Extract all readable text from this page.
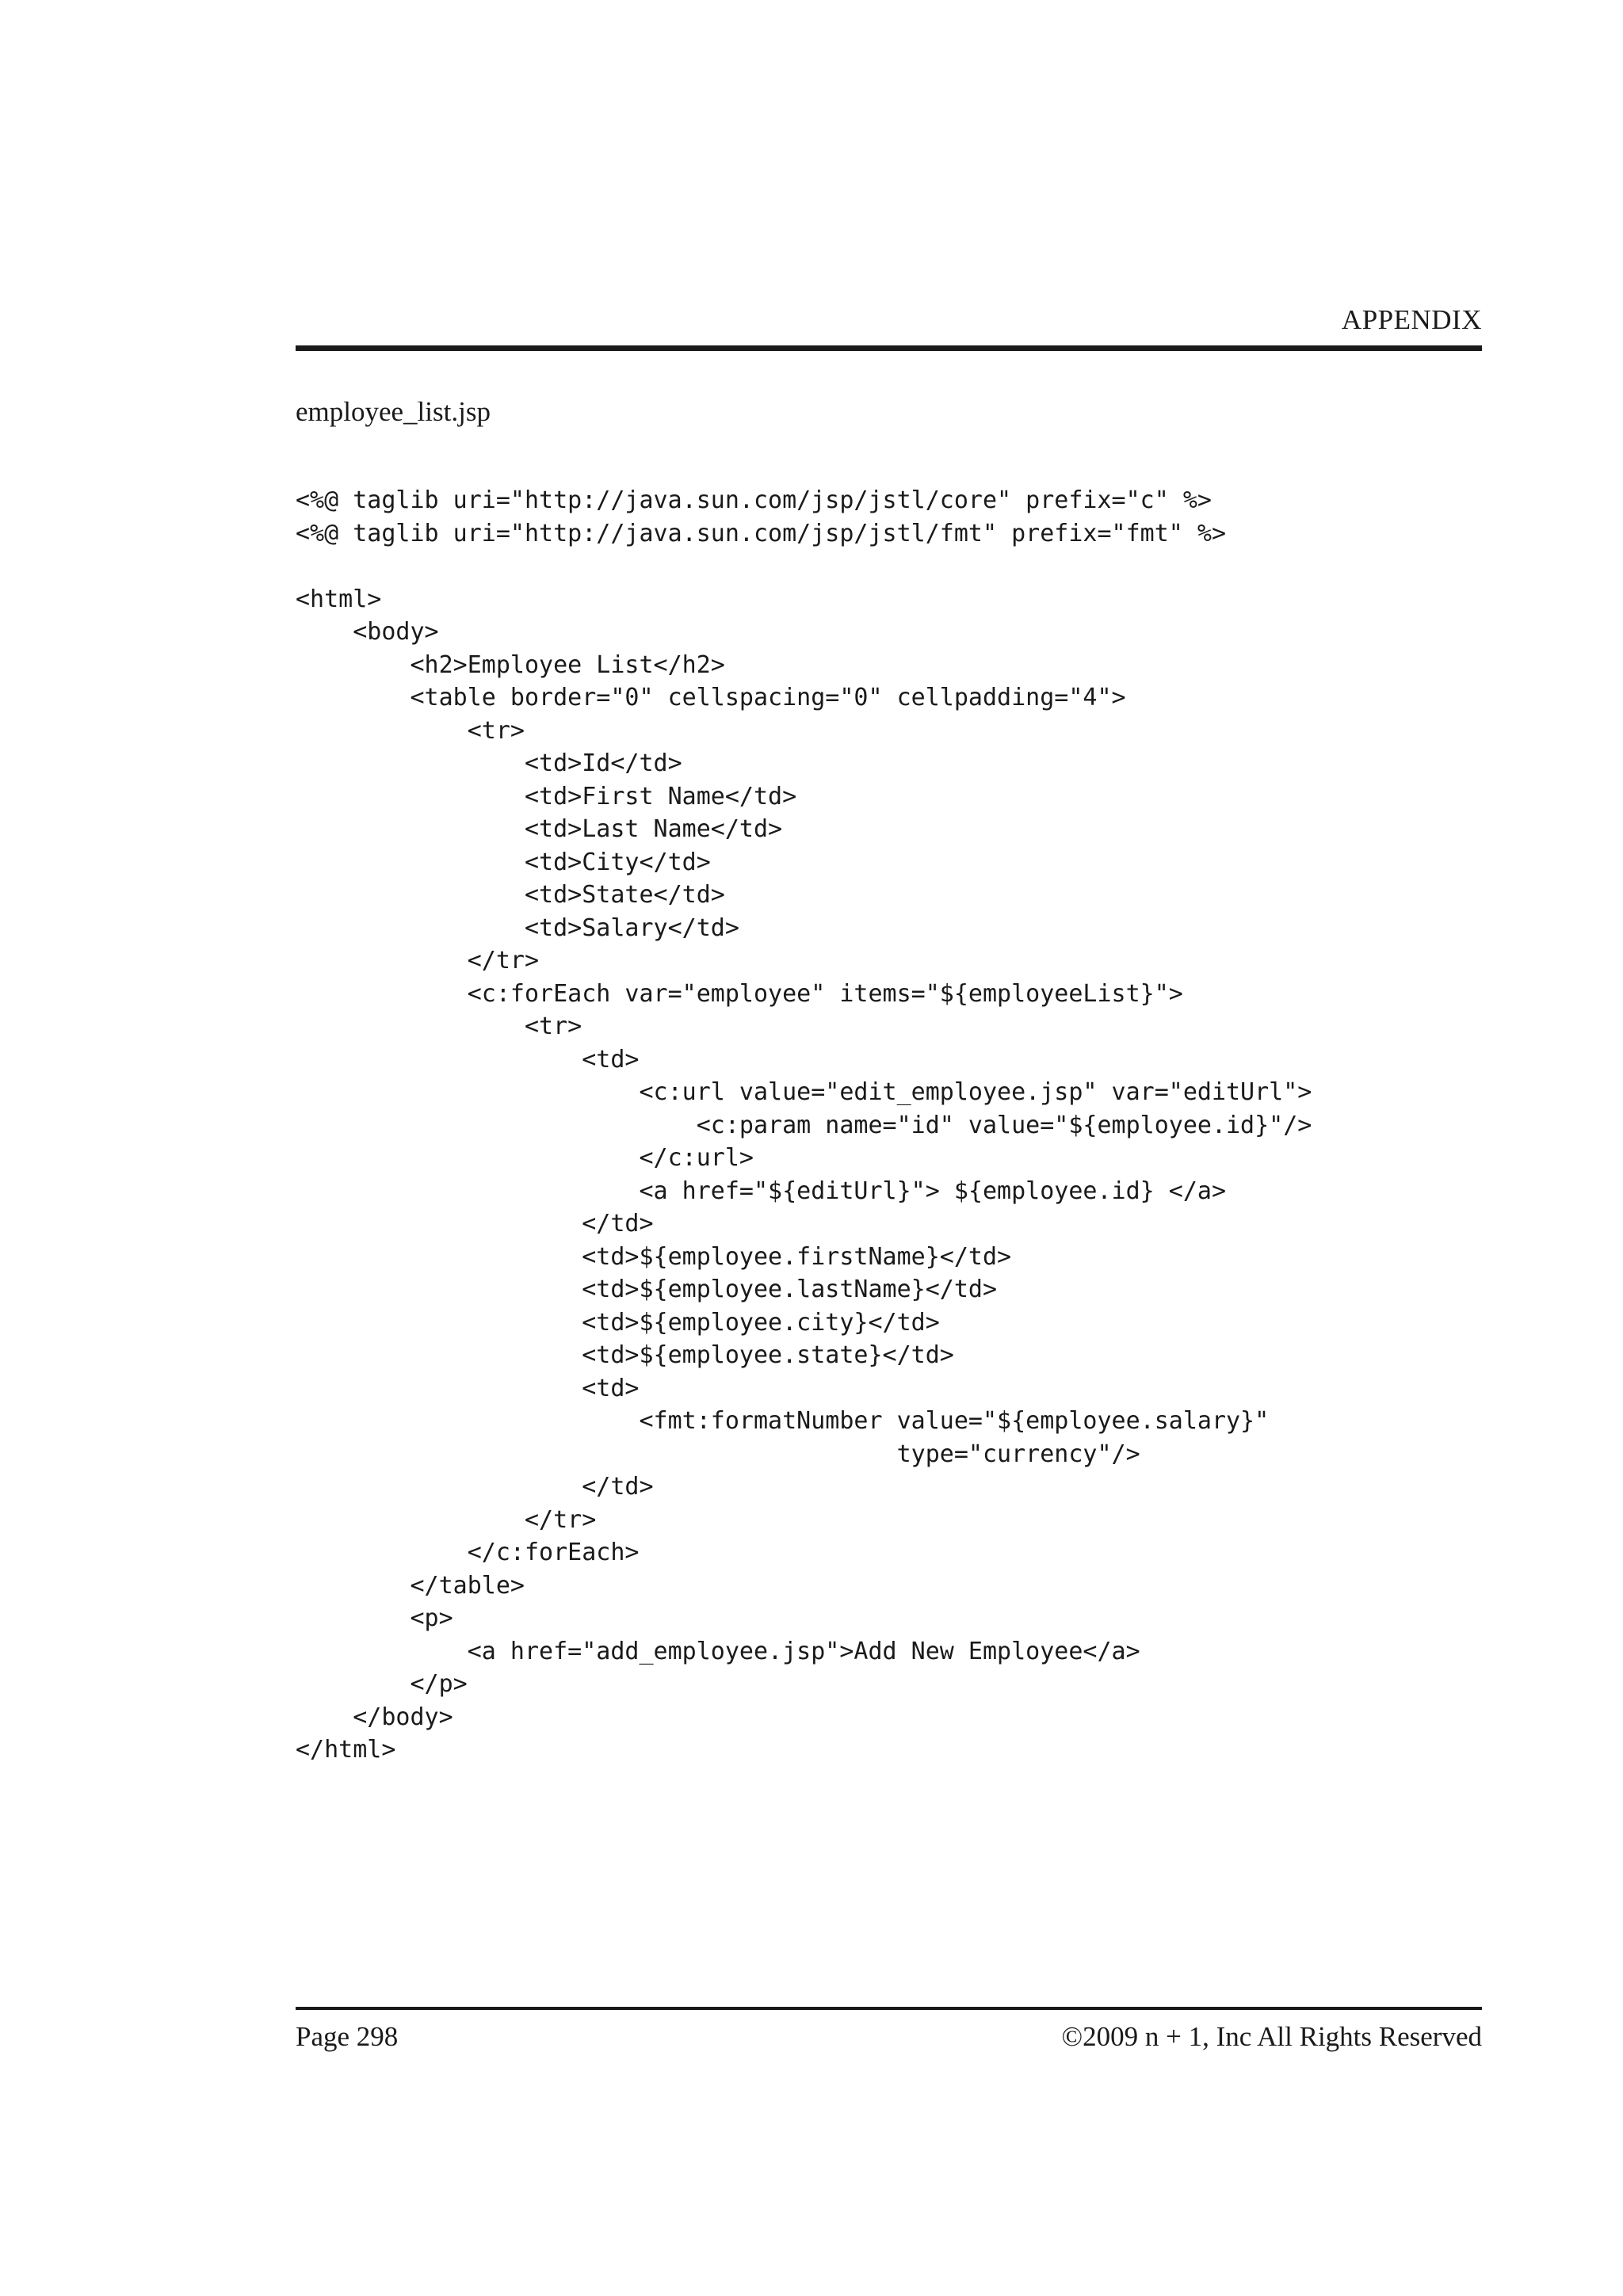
APPENDIX
employee_list.jsp
<%@ taglib uri="http://java.sun.com/jsp/jstl/core" prefix="c" %>
<%@ taglib uri="http://java.sun.com/jsp/jstl/fmt" prefix="fmt" %>
<html>
<body>
<h2>Employee List</h2>
<table border="0" cellspacing="0" cellpadding="4">
<tr>
<td>Id</td>
<td>First Name</td>
<td>Last Name</td>
<td>City</td>
<td>State</td>
<td>Salary</td>
</tr>
<c:forEach var="employee" items="${employeeList}">
<tr>
<td>
<c:url value="edit_employee.jsp" var="editUrl">
<c:param name="id" value="${employee.id}"/>
</c:url>
<a href="${editUrl}"> ${employee.id} </a>
</td>
<td>${employee.firstName}</td>
<td>${employee.lastName}</td>
<td>${employee.city}</td>
<td>${employee.state}</td>
<td>
<fmt:formatNumber value="${employee.salary}"
type="currency"/>
</td>
</tr>
</c:forEach>
</table>
<p>
<a href="add_employee.jsp">Add New Employee</a>
</p>
</body>
</html>
Page 298	©2009 n + 1, Inc All Rights Reserved
